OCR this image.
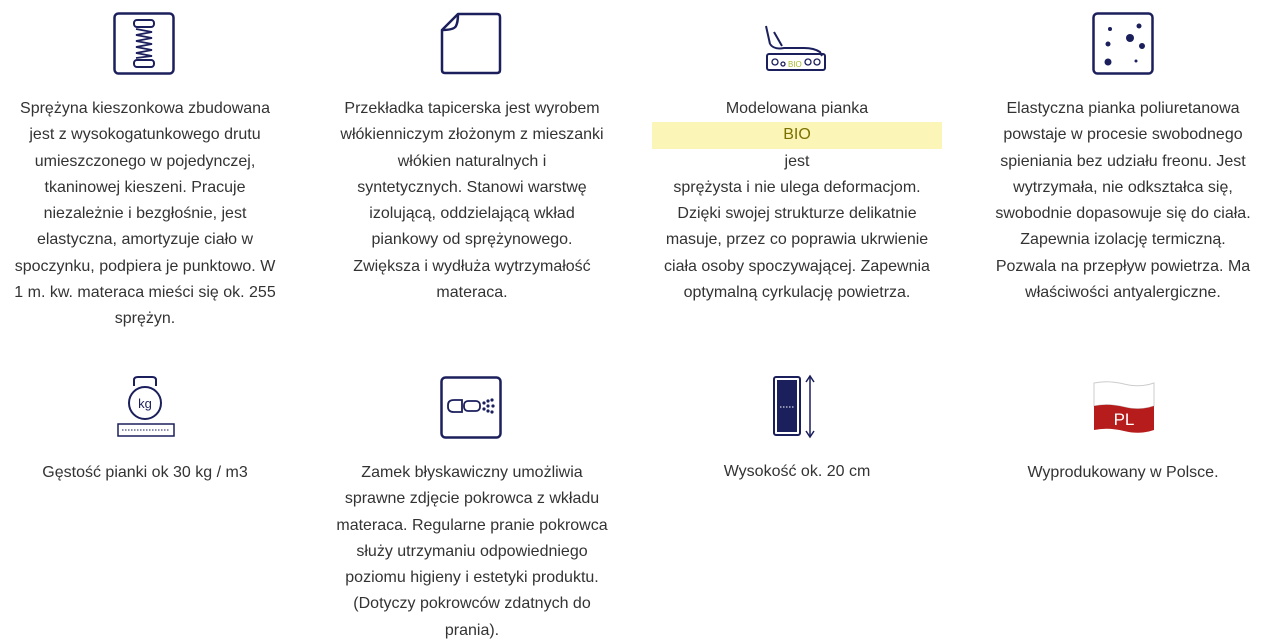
Sprężyna kieszonkowa zbudowana
jest z wysokogatunkowego drutu
umieszczonego w pojedynczej,
tkaninowej kieszeni. Pracuje
niezależnie i bezgłośnie, jest
elastyczna, amortyzuje ciało w
spoczynku, podpiera je punktowo. W
1 m. kw. materaca mieści się ok. 255
sprężyn.

Przekładka tapicerska jest wyrobem
włókienniczym złożonym z mieszanki
włókien naturalnych i
syntetycznych. Stanowi warstwę
izolującą, oddzielającą wkład
piankowy od sprężynowego.
Zwiększa i wydłuża wytrzymałość
materaca.

BIO

Modelowana pianka
BIO
jest
sprężysta i nie ulega deformacjom.
Dzięki swojej strukturze delikatnie
masuje, przez co poprawia ukrwienie
ciała osoby spoczywającej. Zapewnia
optymalną cyrkulację powietrza.

Elastyczna pianka poliuretanowa
powstaje w procesie swobodnego
spieniania bez udziału freonu. Jest
wytrzymała, nie odkształca się,
swobodnie dopasowuje się do ciała.
Zapewnia izolację termiczną.
Pozwala na przepływ powietrza. Ma
właściwości antyalergiczne.

kg

Gęstość pianki ok 30 kg / m3	Zamek błyskawiczny umożliwia
sprawne zdjęcie pokrowca z wkładu
materaca. Regularne pranie pokrowca
służy utrzymaniu odpowiedniego
poziomu higieny i estetyki produktu.
(Dotyczy pokrowców zdatnych do
prania).

Wysokość ok. 20 cm

PL

Wyprodukowany w Polsce.
